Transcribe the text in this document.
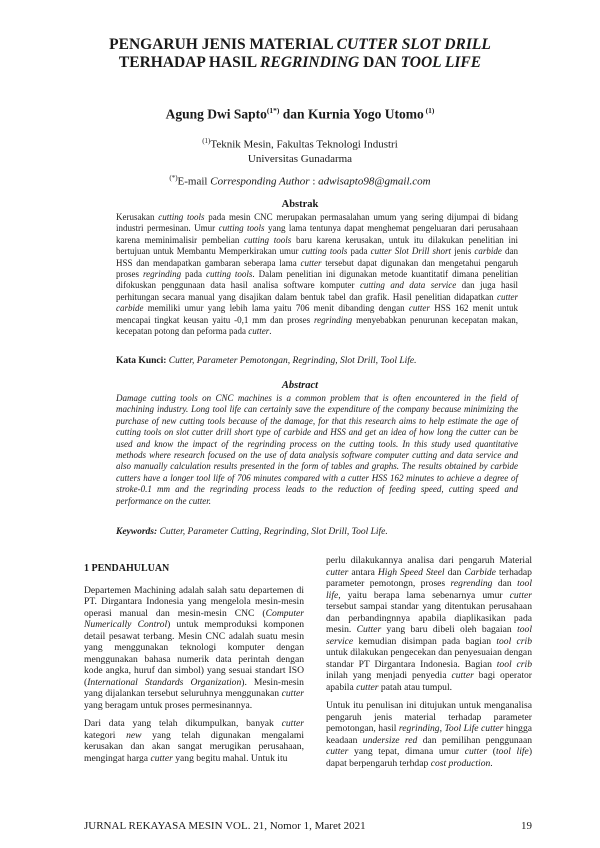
PENGARUH JENIS MATERIAL CUTTER SLOT DRILL
TERHADAP HASIL REGRINDING DAN TOOL LIFE
Agung Dwi Sapto$^{(1*)}$ dan Kurnia Yogo Utomo $^{(1)}$
$^{(1)}$Teknik Mesin, Fakultas Teknologi Industri
Universitas Gunadarma
(*)E-mail Corresponding Author : adwisapto98@gmail.com
Abstrak
Kerusakan cutting tools pada mesin CNC merupakan permasalahan umum yang sering dijumpai di bidang industri permesinan. Umur cutting tools yang lama tentunya dapat menghemat pengeluaran dari perusahaan karena meminimalisir pembelian cutting tools baru karena kerusakan, untuk itu dilakukan penelitian ini bertujuan untuk Membantu Memperkirakan umur cutting tools pada cutter Slot Drill short jenis carbide dan HSS dan mendapatkan gambaran seberapa lama cutter tersebut dapat digunakan dan mengetahui pengaruh proses regrinding pada cutting tools. Dalam penelitian ini digunakan metode kuantitatif dimana penelitian difokuskan penggunaan data hasil analisa software komputer cutting and data service dan juga hasil perhitungan secara manual yang disajikan dalam bentuk tabel dan grafik. Hasil penelitian didapatkan cutter carbide memiliki umur yang lebih lama yaitu 706 menit dibanding dengan cutter HSS 162 menit untuk mencapai tingkat keusan yaitu -0,1 mm dan proses regrinding menyebabkan penurunan kecepatan makan, kecepatan potong dan peforma pada cutter.
Kata Kunci: Cutter, Parameter Pemotongan, Regrinding, Slot Drill, Tool Life.
Abstract
Damage cutting tools on CNC machines is a common problem that is often encountered in the field of machining industry. Long tool life can certainly save the expenditure of the company because minimizing the purchase of new cutting tools because of the damage, for that this research aims to help estimate the age of cutting tools on slot cutter drill short type of carbide and HSS and get an idea of how long the cutter can be used and know the impact of the regrinding process on the cutting tools. In this study used quantitative methods where research focused on the use of data analysis software computer cutting and data service and also manually calculation results presented in the form of tables and graphs. The results obtained by carbide cutters have a longer tool life of 706 minutes compared with a cutter HSS 162 minutes to achieve a degree of stroke-0.1 mm and the regrinding process leads to the reduction of feeding speed, cutting speed and performance on the cutter.
Keywords: Cutter, Parameter Cutting, Regrinding, Slot Drill, Tool Life.
1 PENDAHULUAN

Departemen Machining adalah salah satu departemen di PT. Dirgantara Indonesia yang mengelola mesin-mesin operasi manual dan mesin-mesin CNC (Computer Numerically Control) untuk memproduksi komponen detail pesawat terbang. Mesin CNC adalah suatu mesin yang menggunakan teknologi komputer dengan menggunakan bahasa numerik data perintah dengan kode angka, huruf dan simbol) yang sesuai standart ISO (International Standards Organization). Mesin-mesin yang dijalankan tersebut seluruhnya menggunakan cutter yang beragam untuk proses permesinannya.

Dari data yang telah dikumpulkan, banyak cutter kategori new yang telah digunakan mengalami kerusakan dan akan sangat merugikan perusahaan, mengingat harga cutter yang begitu mahal. Untuk itu

perlu dilakukannya analisa dari pengaruh Material cutter antara High Speed Steel dan Carbide terhadap parameter pemotongn, proses regrending dan tool life, yaitu berapa lama sebenarnya umur cutter tersebut sampai standar yang ditentukan perusahaan dan perbandingnnya apabila diaplikasikan pada mesin. Cutter yang baru dibeli oleh bagaian tool service kemudian disimpan pada bagian tool crib untuk dilakukan pengecekan dan penyesuaian dengan standar PT Dirgantara Indonesia. Bagian tool crib inilah yang menjadi penyedia cutter bagi operator apabila cutter patah atau tumpul.

Untuk itu penulisan ini ditujukan untuk menganalisa pengaruh jenis material terhadap parameter pemotongan, hasil regrinding, Tool Life cutter hingga keadaan undersize red dan pemilihan penggunaan cutter yang tepat, dimana umur cutter (tool life) dapat berpengaruh terhdap cost production.

JURNAL REKAYASA MESIN VOL. 21, Nomor 1, Maret 2021	19
